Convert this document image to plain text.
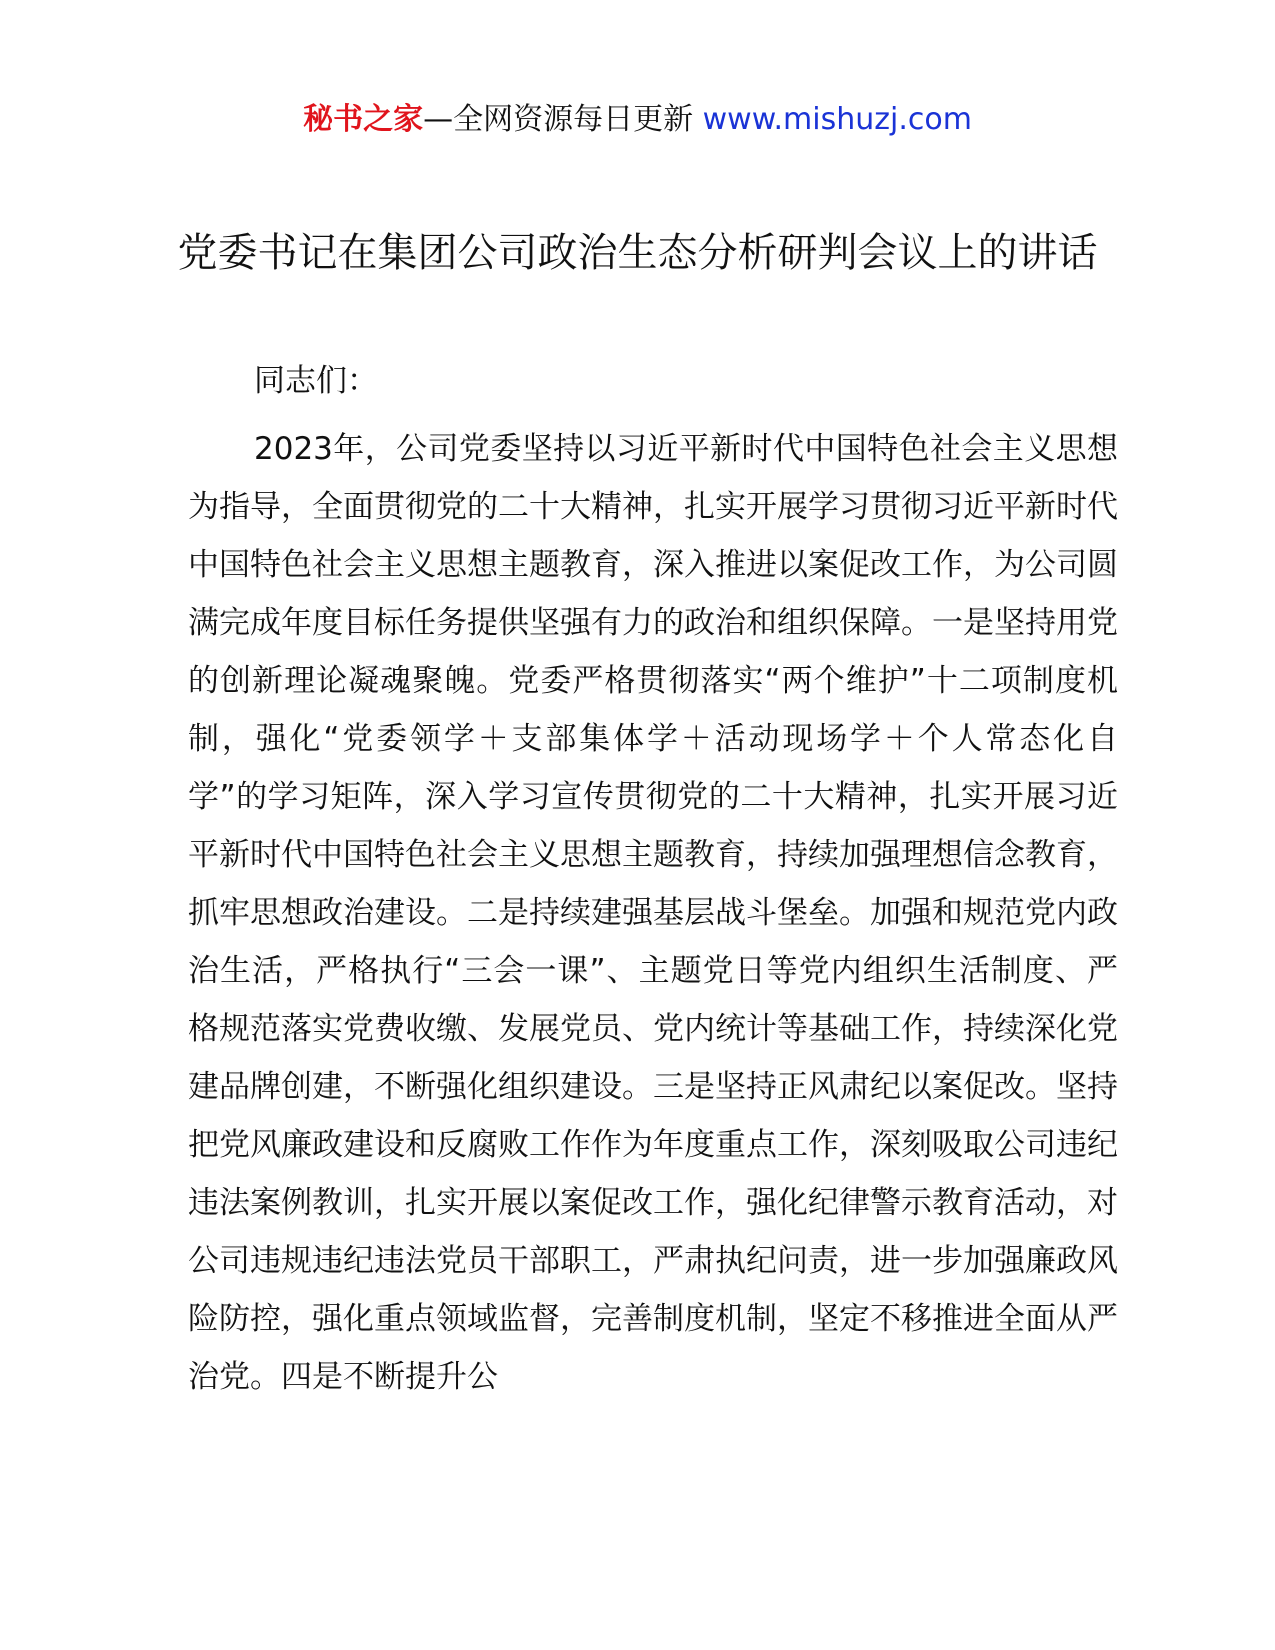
秘书之家—全网资源每日更新 www.mishuzj.com
党委书记在集团公司政治生态分析研判会议上的讲话

同志们：

2023年，公司党委坚持以习近平新时代中国特色社会主义思想为指导，全面贯彻党的二十大精神，扎实开展学习贯彻习近平新时代中国特色社会主义思想主题教育，深入推进以案促改工作，为公司圆满完成年度目标任务提供坚强有力的政治和组织保障。一是坚持用党的创新理论凝魂聚魄。党委严格贯彻落实“两个维护”十二项制度机制，强化“党委领学＋支部集体学＋活动现场学＋个人常态化自学”的学习矩阵，深入学习宣传贯彻党的二十大精神，扎实开展习近平新时代中国特色社会主义思想主题教育，持续加强理想信念教育，抓牢思想政治建设。二是持续建强基层战斗堡垒。加强和规范党内政治生活，严格执行“三会一课”、主题党日等党内组织生活制度、严格规范落实党费收缴、发展党员、党内统计等基础工作，持续深化党建品牌创建，不断强化组织建设。三是坚持正风肃纪以案促改。坚持把党风廉政建设和反腐败工作作为年度重点工作，深刻吸取公司违纪违法案例教训，扎实开展以案促改工作，强化纪律警示教育活动，对公司违规违纪违法党员干部职工，严肃执纪问责，进一步加强廉政风险防控，强化重点领域监督，完善制度机制，坚定不移推进全面从严治党。四是不断提升公
